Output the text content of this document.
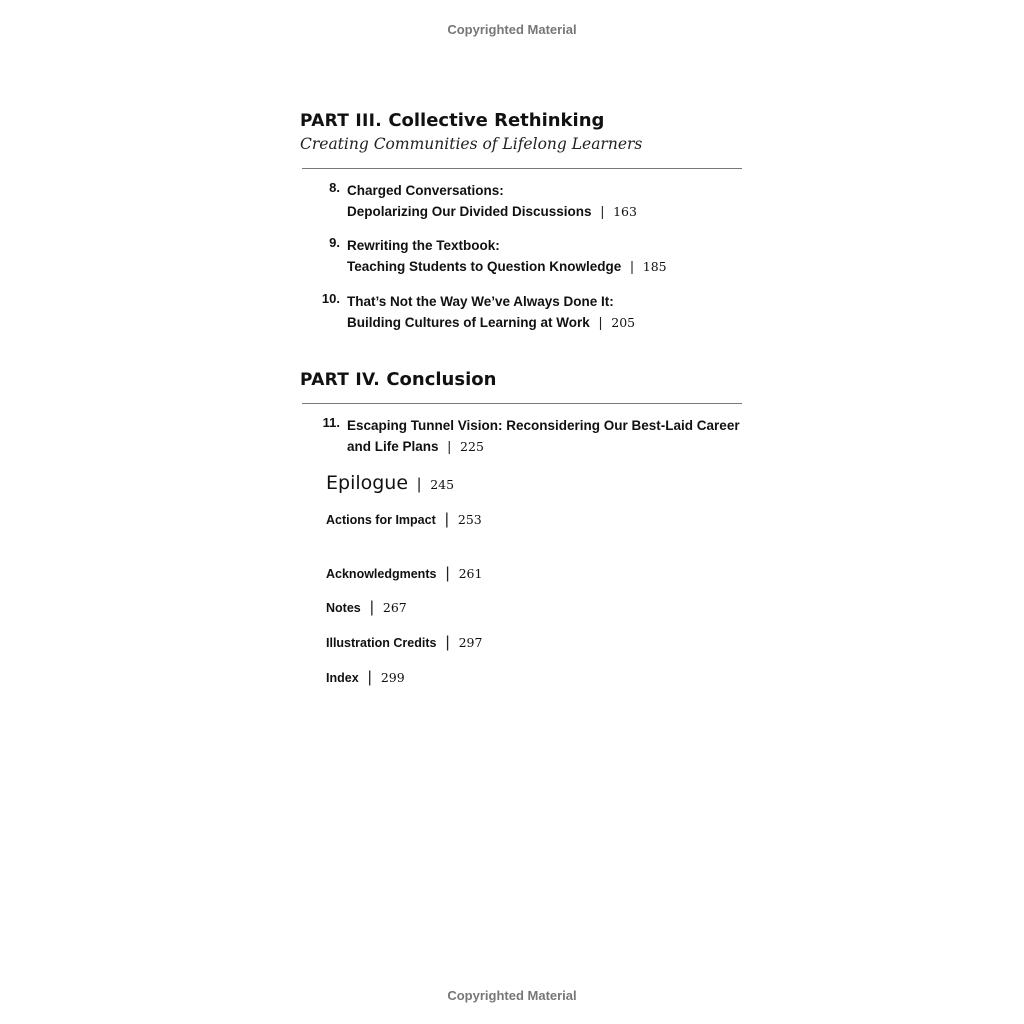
Copyrighted Material
PART III. Collective Rethinking
Creating Communities of Lifelong Learners
8. Charged Conversations:
Depolarizing Our Divided Discussions | 163
9. Rewriting the Textbook:
Teaching Students to Question Knowledge | 185
10. That’s Not the Way We’ve Always Done It:
Building Cultures of Learning at Work | 205
PART IV. Conclusion
11. Escaping Tunnel Vision: Reconsidering Our Best-Laid Career
and Life Plans | 225
Epilogue | 245
Actions for Impact | 253
Acknowledgments | 261
Notes | 267
Illustration Credits | 297
Index | 299
Copyrighted Material
